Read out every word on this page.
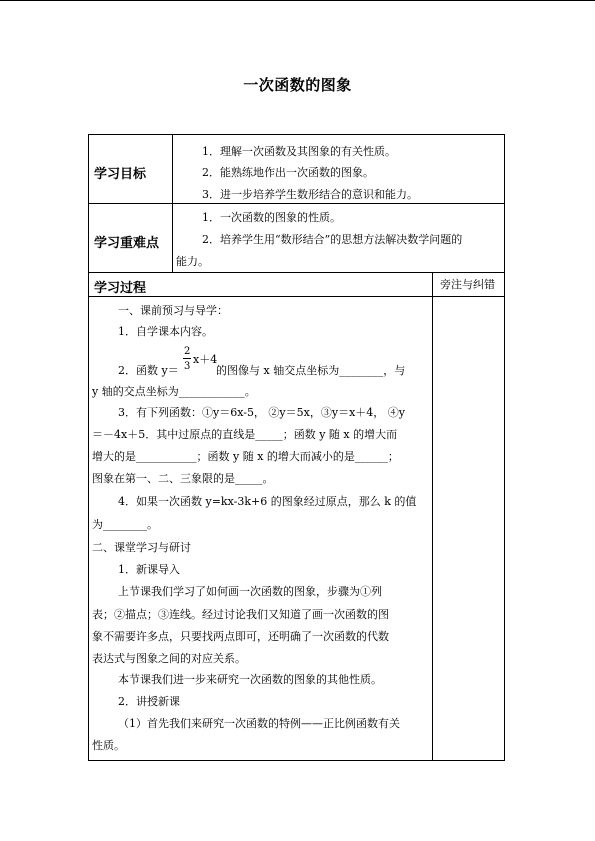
一次函数的图象
学习目标
1．理解一次函数及其图象的有关性质。
2．能熟练地作出一次函数的图象。
3．进一步培养学生数形结合的意识和能力。
学习重难点
1．一次函数的图象的性质。
2．培养学生用“数形结合”的思想方法解决数学问题的
能力。
学习过程	旁注与纠错
一、课前预习与导学：
1．自学课本内容。
2．函数 y＝
2
3
x＋4
的图像与 x 轴交点坐标为________，与
y 轴的交点坐标为____________。
3．有下列函数：①y＝6x-5， ②y＝5x，③y＝x＋4， ④y
＝－4x＋5．其中过原点的直线是_____；函数 y 随 x 的增大而
增大的是___________；函数 y 随 x 的增大而减小的是______；
图象在第一、二、三象限的是_____。
4．如果一次函数 y=kx-3k+6 的图象经过原点，那么 k 的值
为________。
二、课堂学习与研讨
1．新课导入
上节课我们学习了如何画一次函数的图象，步骤为①列
表；②描点；③连线。经过讨论我们又知道了画一次函数的图
象不需要许多点，只要找两点即可，还明确了一次函数的代数
表达式与图象之间的对应关系。
本节课我们进一步来研究一次函数的图象的其他性质。
2．讲授新课
（1）首先我们来研究一次函数的特例——正比例函数有关
性质。
